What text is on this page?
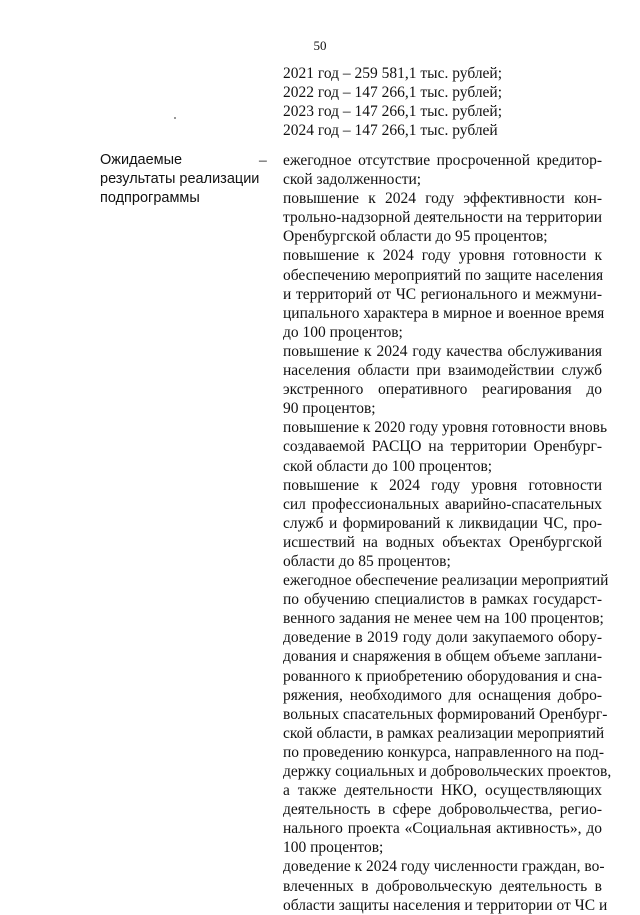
50
2021 год – 259 581,1 тыс. рублей;
2022 год – 147 266,1 тыс. рублей;
2023 год – 147 266,1 тыс. рублей;
2024 год – 147 266,1 тыс. рублей
Ожидаемые
результаты реализации
подпрограммы
– ежегодное отсутствие просроченной кредитор-
ской задолженности;
повышение к 2024 году эффективности кон-
трольно-надзорной деятельности на территории
Оренбургской области до 95 процентов;
повышение к 2024 году уровня готовности к
обеспечению мероприятий по защите населения
и территорий от ЧС регионального и межмуни-
ципального характера в мирное и военное время
до 100 процентов;
повышение к 2024 году качества обслуживания
населения области при взаимодействии служб
экстренного оперативного реагирования до
90 процентов;
повышение к 2020 году уровня готовности вновь
создаваемой РАСЦО на территории Оренбург-
ской области до 100 процентов;
повышение к 2024 году уровня готовности
сил профессиональных аварийно-спасательных
служб и формирований к ликвидации ЧС, про-
исшествий на водных объектах Оренбургской
области до 85 процентов;
ежегодное обеспечение реализации мероприятий
по обучению специалистов в рамках государст-
венного задания не менее чем на 100 процентов;
доведение в 2019 году доли закупаемого обору-
дования и снаряжения в общем объеме заплани-
рованного к приобретению оборудования и сна-
ряжения, необходимого для оснащения добро-
вольных спасательных формирований Оренбург-
ской области, в рамках реализации мероприятий
по проведению конкурса, направленного на под-
держку социальных и добровольческих проектов,
а также деятельности НКО, осуществляющих
деятельность в сфере добровольчества, регио-
нального проекта «Социальная активность», до
100 процентов;
доведение к 2024 году численности граждан, во-
влеченных в добровольческую деятельность в
области защиты населения и территории от ЧС и
